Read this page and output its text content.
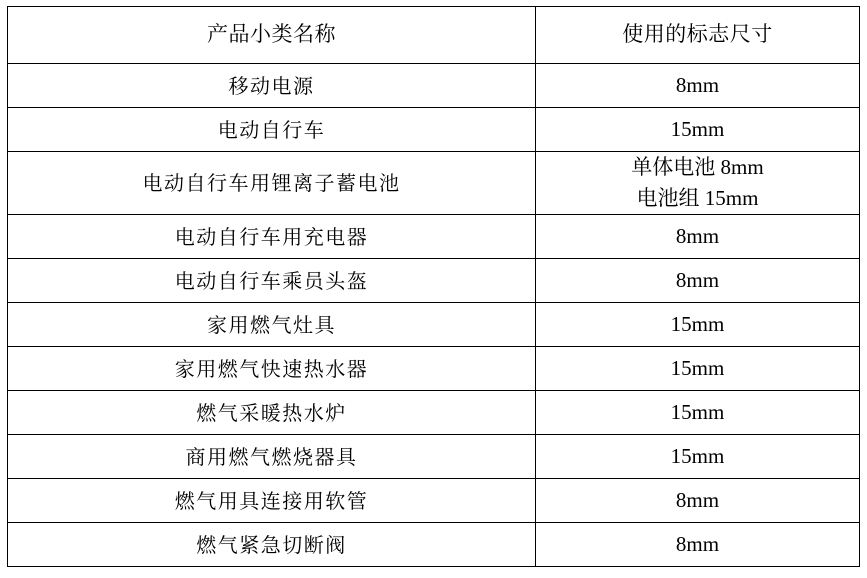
产品小类名称	使用的标志尺寸
移动电源	8mm
电动自行车	15mm
电动自行车用锂离子蓄电池	单体电池 8mm
电池组 15mm

电动自行车用充电器	8mm
电动自行车乘员头盔	8mm
家用燃气灶具	15mm
家用燃气快速热水器	15mm
燃气采暖热水炉	15mm
商用燃气燃烧器具	15mm
燃气用具连接用软管	8mm
燃气紧急切断阀	8mm
